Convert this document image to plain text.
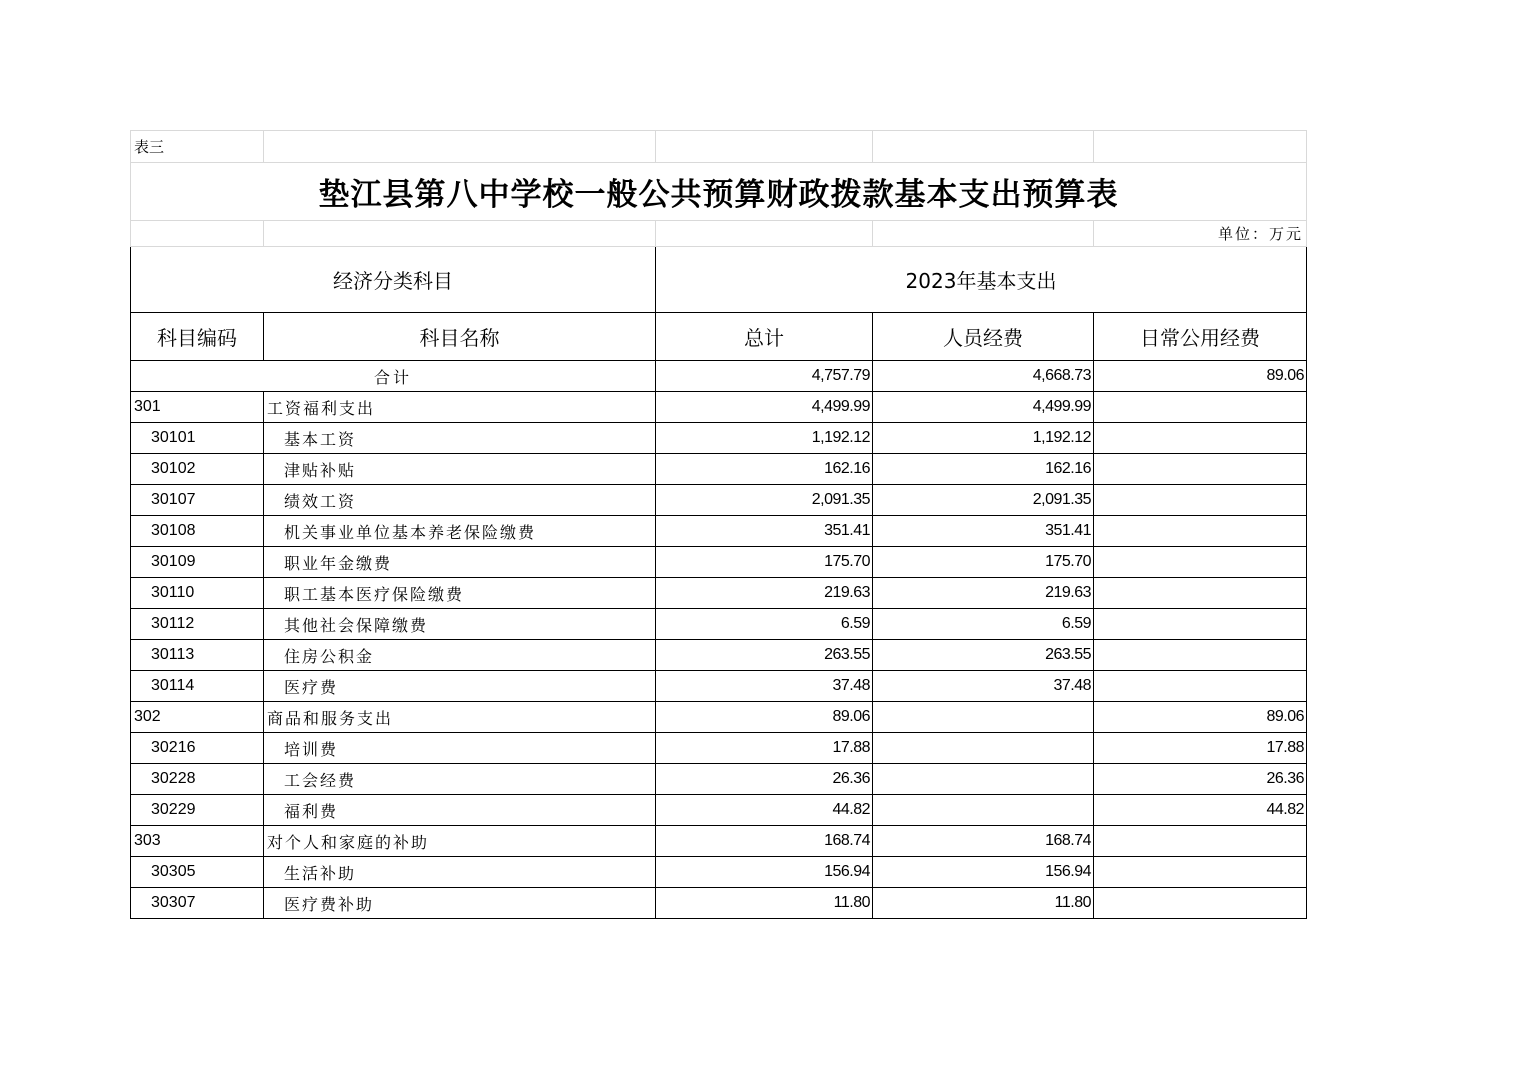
表三				
垫江县第八中学校一般公共预算财政拨款基本支出预算表				
				单位：万元
经济分类科目		2023年基本支出		
科目编码	科目名称	总计	人员经费	日常公用经费
合计		4,757.79	4,668.73	89.06
301	工资福利支出	4,499.99	4,499.99	
30101	基本工资	1,192.12	1,192.12	
30102	津贴补贴	162.16	162.16	
30107	绩效工资	2,091.35	2,091.35	
30108	机关事业单位基本养老保险缴费	351.41	351.41	
30109	职业年金缴费	175.70	175.70	
30110	职工基本医疗保险缴费	219.63	219.63	
30112	其他社会保障缴费	6.59	6.59	
30113	住房公积金	263.55	263.55	
30114	医疗费	37.48	37.48	
302	商品和服务支出	89.06		89.06
30216	培训费	17.88		17.88
30228	工会经费	26.36		26.36
30229	福利费	44.82		44.82
303	对个人和家庭的补助	168.74	168.74	
30305	生活补助	156.94	156.94	
30307	医疗费补助	11.80	11.80	
